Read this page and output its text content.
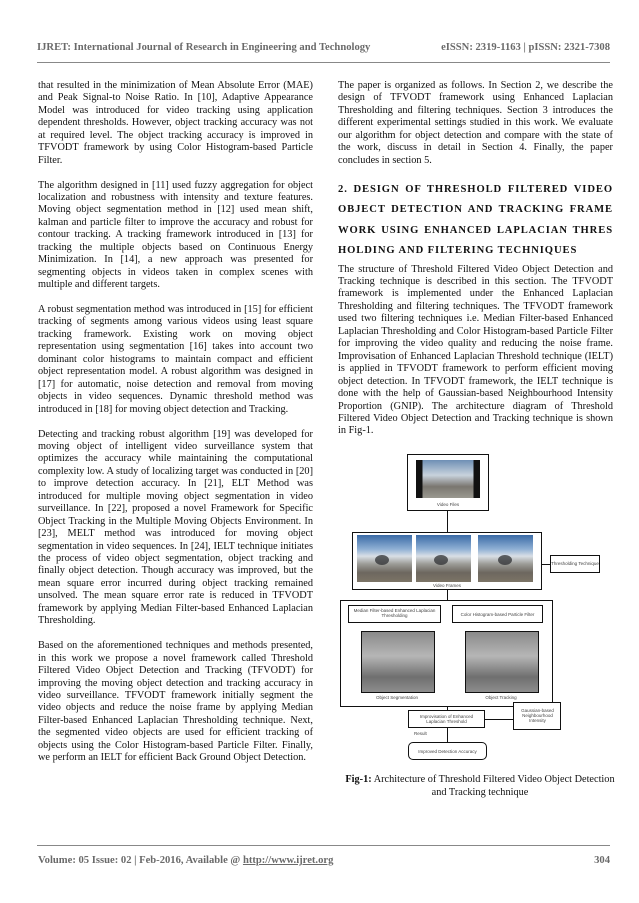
IJRET: International Journal of Research in Engineering and Technology	eISSN: 2319-1163 | pISSN: 2321-7308

that resulted in the minimization of Mean Absolute Error (MAE) and Peak Signal-to Noise Ratio. In [10], Adaptive Appearance Model was introduced for video tracking using application dependent thresholds. However, object tracking accuracy was not at required level. The object tracking accuracy is improved in TFVODT framework by using Color Histogram-based Particle Filter.

The algorithm designed in [11] used fuzzy aggregation for object localization and robustness with intensity and texture features. Moving object segmentation method in [12] used mean shift, kalman and particle filter to improve the accuracy and robust for contour tracking. A tracking framework introduced in [13] for tracking the multiple objects based on Continuous Energy Minimization. In [14], a new approach was presented for segmenting objects in videos taken in complex scenes with multiple and different targets.

A robust segmentation method was introduced in [15] for efficient tracking of segments among various videos using least square tracking framework. Existing work on moving object representation using segmentation [16] takes into account two dominant color histograms to maintain compact and efficient object representation model. A robust algorithm was designed in [17] for automatic, noise detection and removal from moving objects in video sequences. Dynamic threshold method was introduced in [18] for moving object detection and Tracking.

Detecting and tracking robust algorithm [19] was developed for moving object of intelligent video surveillance system that optimizes the accuracy while maintaining the computational complexity low. A study of localizing target was conducted in [20] to improve detection accuracy. In [21], ELT Method was introduced for multiple moving object segmentation in video surveillance. In [22], proposed a novel Framework for Specific Object Tracking in the Multiple Moving Objects Environment. In [23], MELT method was introduced for moving object segmentation in video sequences. In [24], IELT technique initiates the process of video object segmentation, object tracking and finally object detection. Though accuracy was improved, but the mean square error incurred during object tracking remained unsolved. The mean square error rate is reduced in TFVODT framework by applying Median Filter-based Enhanced Laplacian Thresholding.

Based on the aforementioned techniques and methods presented, in this work we propose a novel framework called Threshold Filtered Video Object Detection and Tracking (TFVODT) for improving the moving object detection and tracking accuracy in video surveillance. TFVODT framework initially segment the video objects and reduce the noise frame by applying Median Filter-based Enhanced Laplacian Thresholding technique. Next, the segmented video objects are used for efficient tracking of objects using the Color Histogram-based Particle Filter. Finally, we perform an IELT for efficient Back Ground Object Detection.

The paper is organized as follows. In Section 2, we describe the design of TFVODT framework using Enhanced Laplacian Thresholding and filtering techniques. Section 3 introduces the different experimental settings studied in this work. We evaluate our algorithm for object detection and compare with the state of the work, discuss in detail in Section 4. Finally, the paper concludes in section 5.

2. DESIGN OF THRESHOLD FILTERED VIDEO OBJECT DETECTION AND TRACKING FRAME WORK USING ENHANCED LAPLACIAN THRES HOLDING AND FILTERING TECHNIQUES

The structure of Threshold Filtered Video Object Detection and Tracking technique is described in this section. The TFVODT framework is implemented under the Enhanced Laplacian Thresholding and filtering techniques. The TFVODT framework used two filtering techniques i.e. Median Filter-based Enhanced Laplacian Thresholding and Color Histogram-based Particle Filter for improving the video quality and reducing the noise frame. Improvisation of Enhanced Laplacian Threshold technique (IELT) is applied in TFVODT framework to perform efficient moving object detection. In TFVODT framework, the IELT technique is done with the help of Gaussian-based Neighbourhood Intensity Proportion (GNIP). The architecture diagram of Threshold Filtered Video Object Detection and Tracking technique is shown in Fig-1.

Video Files
Video Frames
Thresholding Technique
Median Filter-based Enhanced Laplacian Thresholding
Object Segmentation
Color Histogram-based Particle Filter
Object Tracking
Improvisation of Enhanced Laplacian Threshold
Gaussian-based Neighbourhood Intensity
Result
Improved Detection Accuracy
Fig-1: Architecture of Threshold Filtered Video Object Detection and Tracking technique
Volume: 05 Issue: 02 | Feb-2016, Available @ http://www.ijret.org	304
